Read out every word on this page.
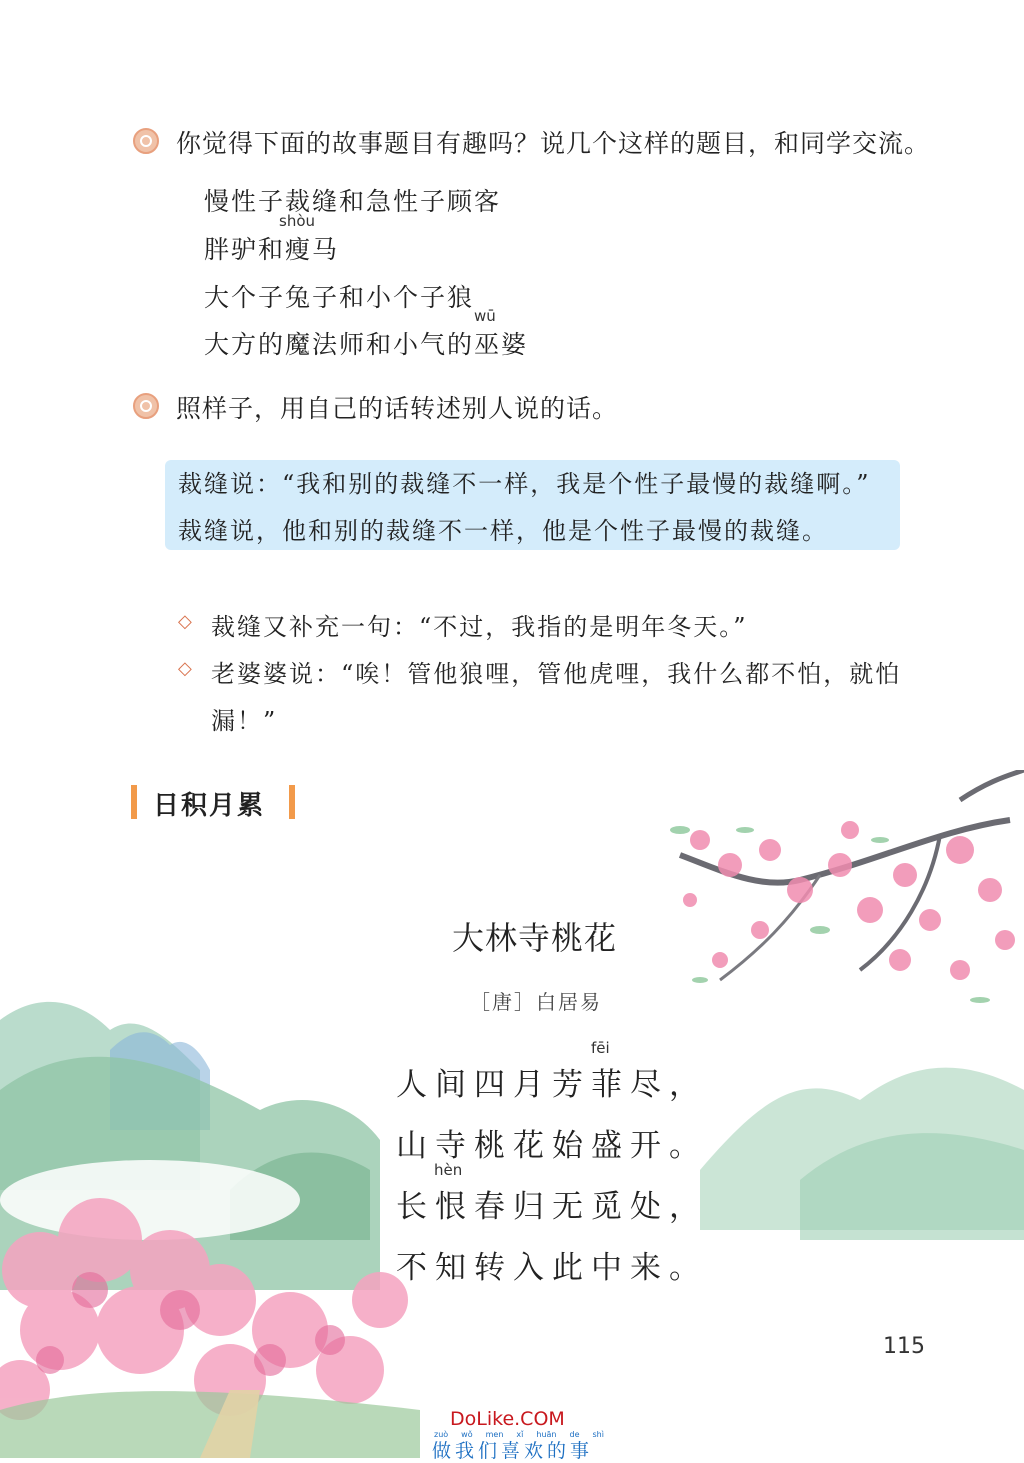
你觉得下面的故事题目有趣吗？说几个这样的题目，和同学交流。
慢性子裁缝和急性子顾客
shòu
胖驴和瘦马
大个子兔子和小个子狼
wū
大方的魔法师和小气的巫婆
照样子，用自己的话转述别人说的话。
裁缝说：“我和别的裁缝不一样，我是个性子最慢的裁缝啊。”
裁缝说，他和别的裁缝不一样，他是个性子最慢的裁缝。
◇ 裁缝又补充一句：“不过，我指的是明年冬天。”
◇ 老婆婆说：“唉！管他狼哩，管他虎哩，我什么都不怕，就怕
漏！”
日积月累
大林寺桃花
［唐］白居易
fēi
人间四月芳菲尽，
山寺桃花始盛开。
hèn
长恨春归无觅处，
不知转入此中来。
115
DoLike.COM
zuò wǒ men xǐ huān de shì
做我们喜欢的事
